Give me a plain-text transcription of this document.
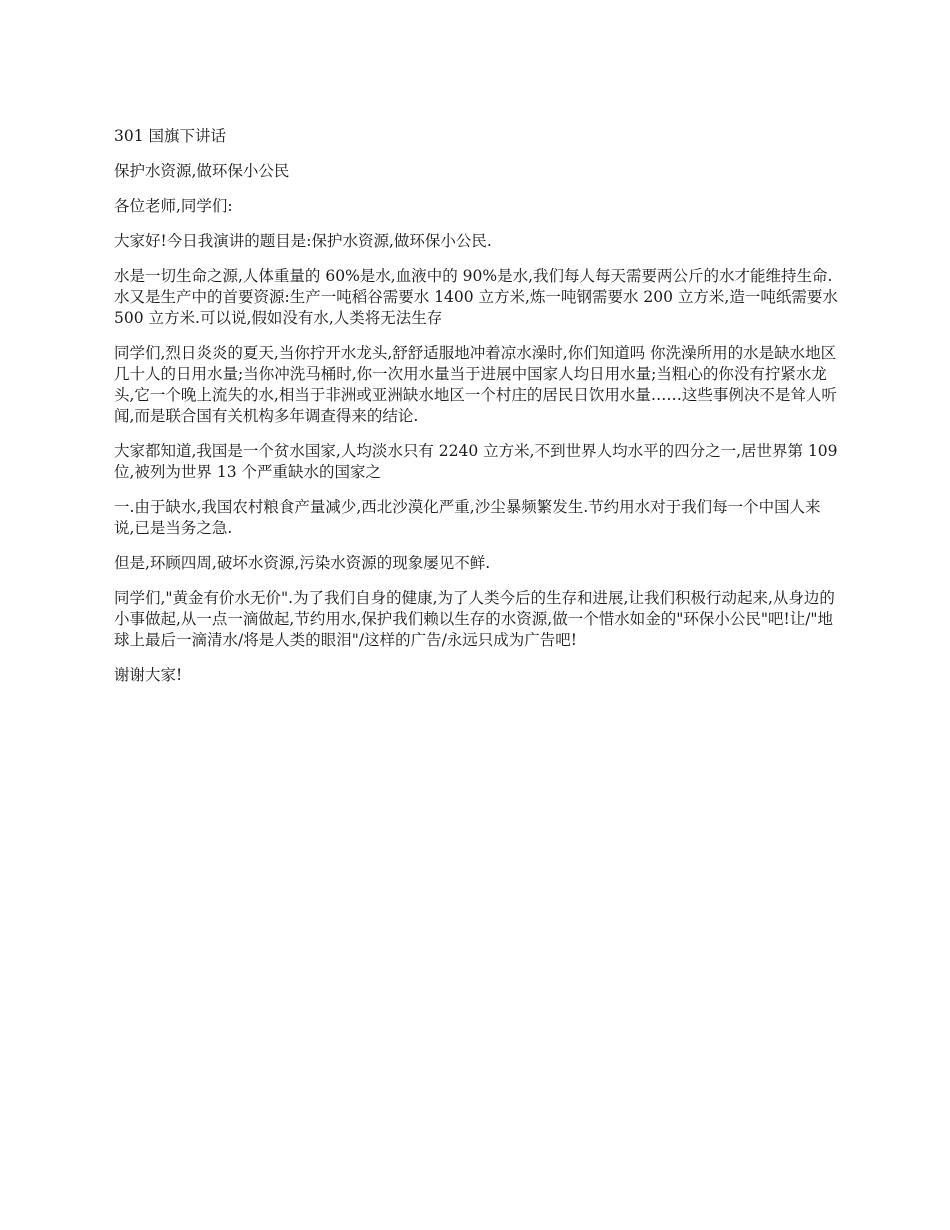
301 国旗下讲话

保护水资源,做环保小公民

各位老师,同学们:

大家好!今日我演讲的题目是:保护水资源,做环保小公民.

水是一切生命之源,人体重量的 60%是水,血液中的 90%是水,我们每人每天需要两公斤的水才能维持生命.水又是生产中的首要资源:生产一吨稻谷需要水 1400 立方米,炼一吨钢需要水 200 立方米,造一吨纸需要水 500 立方米.可以说,假如没有水,人类将无法生存

同学们,烈日炎炎的夏天,当你拧开水龙头,舒舒适服地冲着凉水澡时,你们知道吗 你洗澡所用的水是缺水地区几十人的日用水量;当你冲洗马桶时,你一次用水量当于进展中国家人均日用水量;当粗心的你没有拧紧水龙头,它一个晚上流失的水,相当于非洲或亚洲缺水地区一个村庄的居民日饮用水量……这些事例决不是耸人听闻,而是联合国有关机构多年调查得来的结论.

大家都知道,我国是一个贫水国家,人均淡水只有 2240 立方米,不到世界人均水平的四分之一,居世界第 109 位,被列为世界 13 个严重缺水的国家之

一.由于缺水,我国农村粮食产量减少,西北沙漠化严重,沙尘暴频繁发生.节约用水对于我们每一个中国人来说,已是当务之急.

但是,环顾四周,破坏水资源,污染水资源的现象屡见不鲜.

同学们,"黄金有价水无价".为了我们自身的健康,为了人类今后的生存和进展,让我们积极行动起来,从身边的小事做起,从一点一滴做起,节约用水,保护我们赖以生存的水资源,做一个惜水如金的"环保小公民"吧!让/"地球上最后一滴清水/将是人类的眼泪"/这样的广告/永远只成为广告吧!

谢谢大家!
